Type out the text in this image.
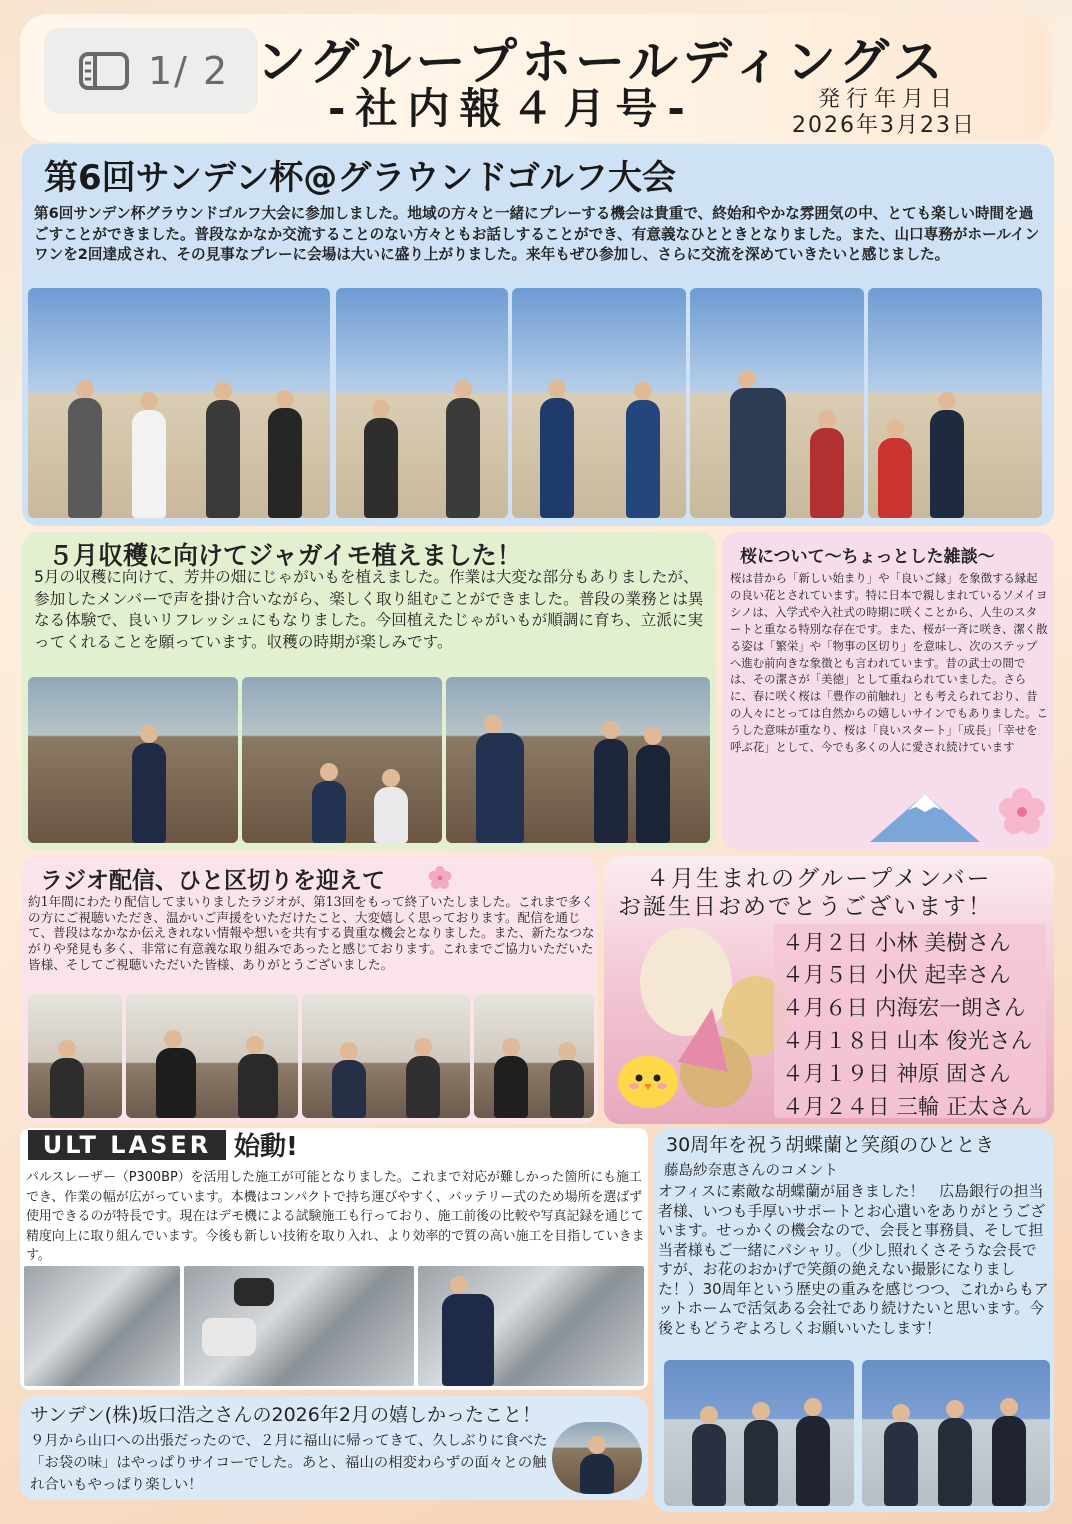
1/ 2 ングループホールディングス
-社内報４月号-	発行年月日
2026年3月23日
第6回サンデン杯@グラウンドゴルフ大会
第6回サンデン杯グラウンドゴルフ大会に参加しました。地域の方々と一緒にプレーする機会は貴重で、終始和やかな雰囲気の中、とても楽しい時間を過ごすことができました。普段なかなか交流することのない方々ともお話しすることができ、有意義なひとときとなりました。また、山口専務がホールインワンを2回達成され、その見事なプレーに会場は大いに盛り上がりました。来年もぜひ参加し、さらに交流を深めていきたいと感じました。
５月収穫に向けてジャガイモ植えました！
5月の収穫に向けて、芳井の畑にじゃがいもを植えました。作業は大変な部分もありましたが、参加したメンバーで声を掛け合いながら、楽しく取り組むことができました。普段の業務とは異なる体験で、良いリフレッシュにもなりました。今回植えたじゃがいもが順調に育ち、立派に実ってくれることを願っています。収穫の時期が楽しみです。
桜について〜ちょっとした雑談〜
桜は昔から「新しい始まり」や「良いご縁」を象徴する縁起の良い花とされています。特に日本で親しまれているソメイヨシノは、入学式や入社式の時期に咲くことから、人生のスタートと重なる特別な存在です。また、桜が一斉に咲き、潔く散る姿は「繁栄」や「物事の区切り」を意味し、次のステップへ進む前向きな象徴とも言われています。昔の武士の間では、その潔さが「美徳」として重ねられていました。さらに、春に咲く桜は「豊作の前触れ」とも考えられており、昔の人々にとっては自然からの嬉しいサインでもありました。こうした意味が重なり、桜は「良いスタート」「成長」「幸せを呼ぶ花」として、今でも多くの人に愛され続けています
ラジオ配信、ひと区切りを迎えて
約1年間にわたり配信してまいりましたラジオが、第13回をもって終了いたしました。これまで多くの方にご視聴いただき、温かいご声援をいただけたこと、大変嬉しく思っております。配信を通じて、普段はなかなか伝えきれない情報や想いを共有する貴重な機会となりました。また、新たなつながりや発見も多く、非常に有意義な取り組みであったと感じております。これまでご協力いただいた皆様、そしてご視聴いただいた皆様、ありがとうございました。
４月生まれのグループメンバー
お誕生日おめでとうございます！
４月２日 小林 美樹さん
４月５日 小伏 起幸さん
４月６日 内海宏一朗さん
４月１８日 山本 俊光さん
４月１９日 神原 固さん
４月２４日 三輪 正太さん
ULT LASER 始動!
パルスレーザー（P300BP）を活用した施工が可能となりました。これまで対応が難しかった箇所にも施工でき、作業の幅が広がっています。本機はコンパクトで持ち運びやすく、バッテリー式のため場所を選ばず使用できるのが特長です。現在はデモ機による試験施工も行っており、施工前後の比較や写真記録を通じて精度向上に取り組んでいます。今後も新しい技術を取り入れ、より効率的で質の高い施工を目指していきます。
サンデン(株)坂口浩之さんの2026年2月の嬉しかったこと！
９月から山口への出張だったので、２月に福山に帰ってきて、久しぶりに食べた「お袋の味」はやっぱりサイコーでした。あと、福山の相変わらずの面々との触れ合いもやっぱり楽しい！
30周年を祝う胡蝶蘭と笑顔のひととき
藤島紗奈恵さんのコメント
オフィスに素敵な胡蝶蘭が届きました！　広島銀行の担当者様、いつも手厚いサポートとお心遣いをありがとうございます。せっかくの機会なので、会長と事務員、そして担当者様もご一緒にパシャリ。（少し照れくさそうな会長ですが、お花のおかげで笑顔の絶えない撮影になりました！）30周年という歴史の重みを感じつつ、これからもアットホームで活気ある会社であり続けたいと思います。今後ともどうぞよろしくお願いいたします！
